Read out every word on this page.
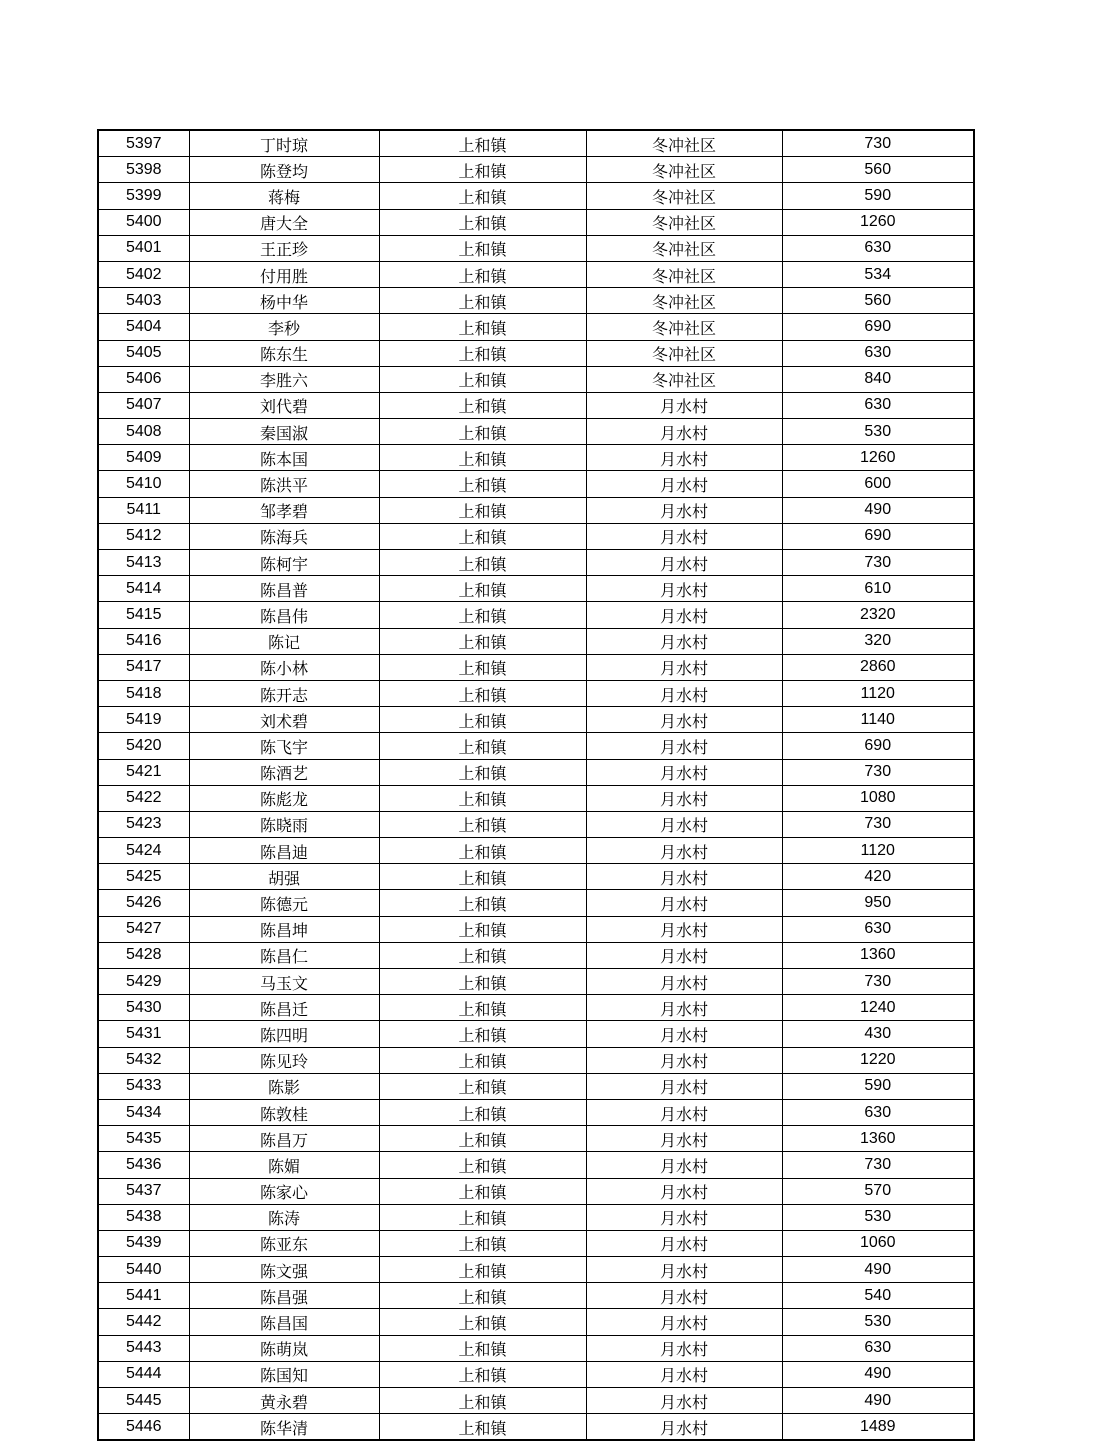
5397	丁时琼	上和镇	冬冲社区	730
5398	陈登均	上和镇	冬冲社区	560
5399	蒋梅	上和镇	冬冲社区	590
5400	唐大全	上和镇	冬冲社区	1260
5401	王正珍	上和镇	冬冲社区	630
5402	付用胜	上和镇	冬冲社区	534
5403	杨中华	上和镇	冬冲社区	560
5404	李秒	上和镇	冬冲社区	690
5405	陈东生	上和镇	冬冲社区	630
5406	李胜六	上和镇	冬冲社区	840
5407	刘代碧	上和镇	月水村	630
5408	秦国淑	上和镇	月水村	530
5409	陈本国	上和镇	月水村	1260
5410	陈洪平	上和镇	月水村	600
5411	邹孝碧	上和镇	月水村	490
5412	陈海兵	上和镇	月水村	690
5413	陈柯宇	上和镇	月水村	730
5414	陈昌普	上和镇	月水村	610
5415	陈昌伟	上和镇	月水村	2320
5416	陈记	上和镇	月水村	320
5417	陈小林	上和镇	月水村	2860
5418	陈开志	上和镇	月水村	1120
5419	刘术碧	上和镇	月水村	1140
5420	陈飞宇	上和镇	月水村	690
5421	陈酒艺	上和镇	月水村	730
5422	陈彪龙	上和镇	月水村	1080
5423	陈晓雨	上和镇	月水村	730
5424	陈昌迪	上和镇	月水村	1120
5425	胡强	上和镇	月水村	420
5426	陈德元	上和镇	月水村	950
5427	陈昌坤	上和镇	月水村	630
5428	陈昌仁	上和镇	月水村	1360
5429	马玉文	上和镇	月水村	730
5430	陈昌迁	上和镇	月水村	1240
5431	陈四明	上和镇	月水村	430
5432	陈见玲	上和镇	月水村	1220
5433	陈影	上和镇	月水村	590
5434	陈敦桂	上和镇	月水村	630
5435	陈昌万	上和镇	月水村	1360
5436	陈媚	上和镇	月水村	730
5437	陈家心	上和镇	月水村	570
5438	陈涛	上和镇	月水村	530
5439	陈亚东	上和镇	月水村	1060
5440	陈文强	上和镇	月水村	490
5441	陈昌强	上和镇	月水村	540
5442	陈昌国	上和镇	月水村	530
5443	陈萌岚	上和镇	月水村	630
5444	陈国知	上和镇	月水村	490
5445	黄永碧	上和镇	月水村	490
5446	陈华清	上和镇	月水村	1489
